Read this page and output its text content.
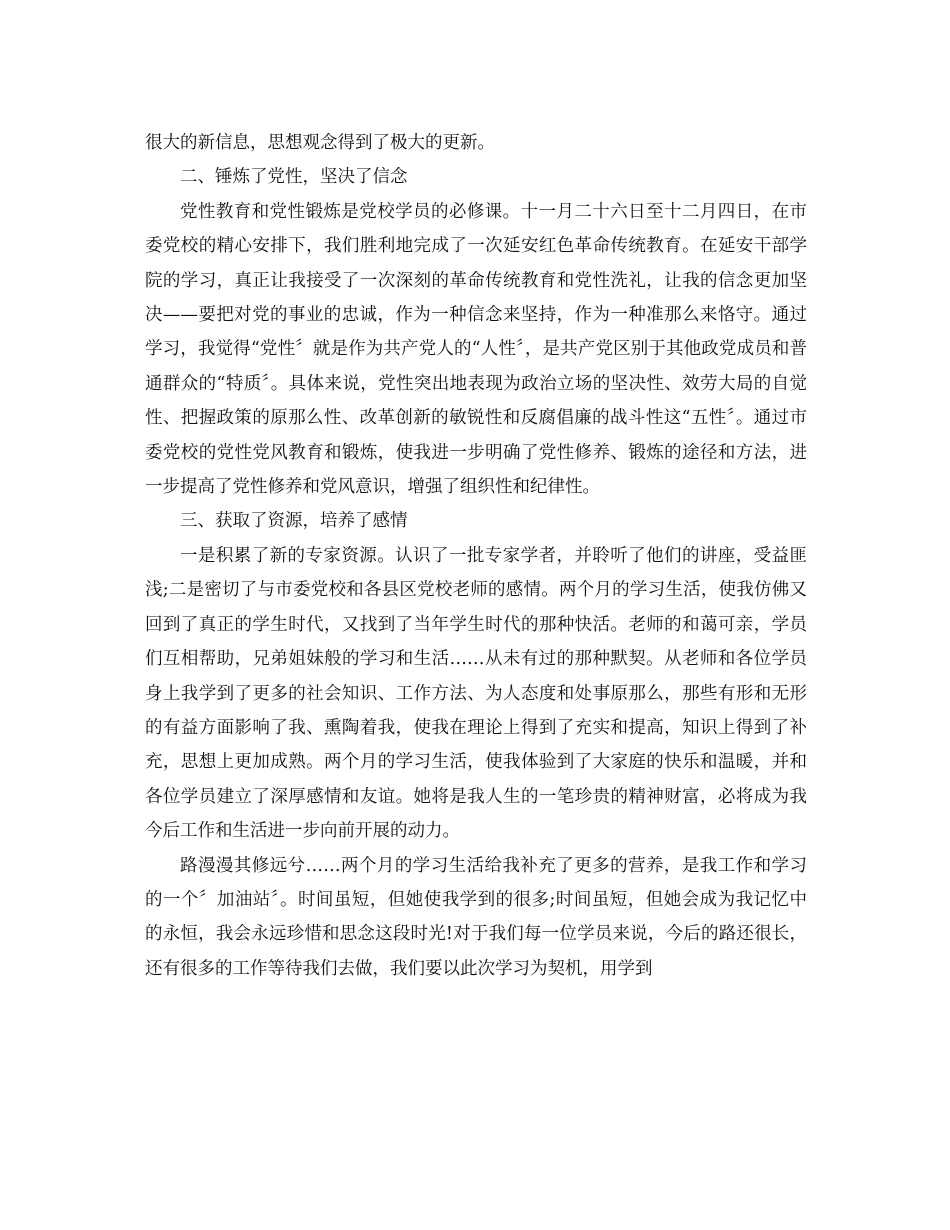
很大的新信息，思想观念得到了极大的更新。

二、锤炼了党性，坚决了信念

党性教育和党性锻炼是党校学员的必修课。十一月二十六日至十二月四日，在市委党校的精心安排下，我们胜利地完成了一次延安红色革命传统教育。在延安干部学院的学习，真正让我接受了一次深刻的革命传统教育和党性洗礼，让我的信念更加坚决——要把对党的事业的忠诚，作为一种信念来坚持，作为一种准那么来恪守。通过学习，我觉得“党性〞就是作为共产党人的“人性〞，是共产党区别于其他政党成员和普通群众的“特质〞。具体来说，党性突出地表现为政治立场的坚决性、效劳大局的自觉性、把握政策的原那么性、改革创新的敏锐性和反腐倡廉的战斗性这“五性〞。通过市委党校的党性党风教育和锻炼，使我进一步明确了党性修养、锻炼的途径和方法，进一步提高了党性修养和党风意识，增强了组织性和纪律性。

三、获取了资源，培养了感情

一是积累了新的专家资源。认识了一批专家学者，并聆听了他们的讲座，受益匪浅;二是密切了与市委党校和各县区党校老师的感情。两个月的学习生活，使我仿佛又回到了真正的学生时代，又找到了当年学生时代的那种快活。老师的和蔼可亲，学员们互相帮助，兄弟姐妹般的学习和生活……从未有过的那种默契。从老师和各位学员身上我学到了更多的社会知识、工作方法、为人态度和处事原那么，那些有形和无形的有益方面影响了我、熏陶着我，使我在理论上得到了充实和提高，知识上得到了补充，思想上更加成熟。两个月的学习生活，使我体验到了大家庭的快乐和温暖，并和各位学员建立了深厚感情和友谊。她将是我人生的一笔珍贵的精神财富，必将成为我今后工作和生活进一步向前开展的动力。

路漫漫其修远兮……两个月的学习生活给我补充了更多的营养，是我工作和学习的一个〞加油站〞。时间虽短，但她使我学到的很多;时间虽短，但她会成为我记忆中的永恒，我会永远珍惜和思念这段时光!对于我们每一位学员来说，今后的路还很长，还有很多的工作等待我们去做，我们要以此次学习为契机，用学到
